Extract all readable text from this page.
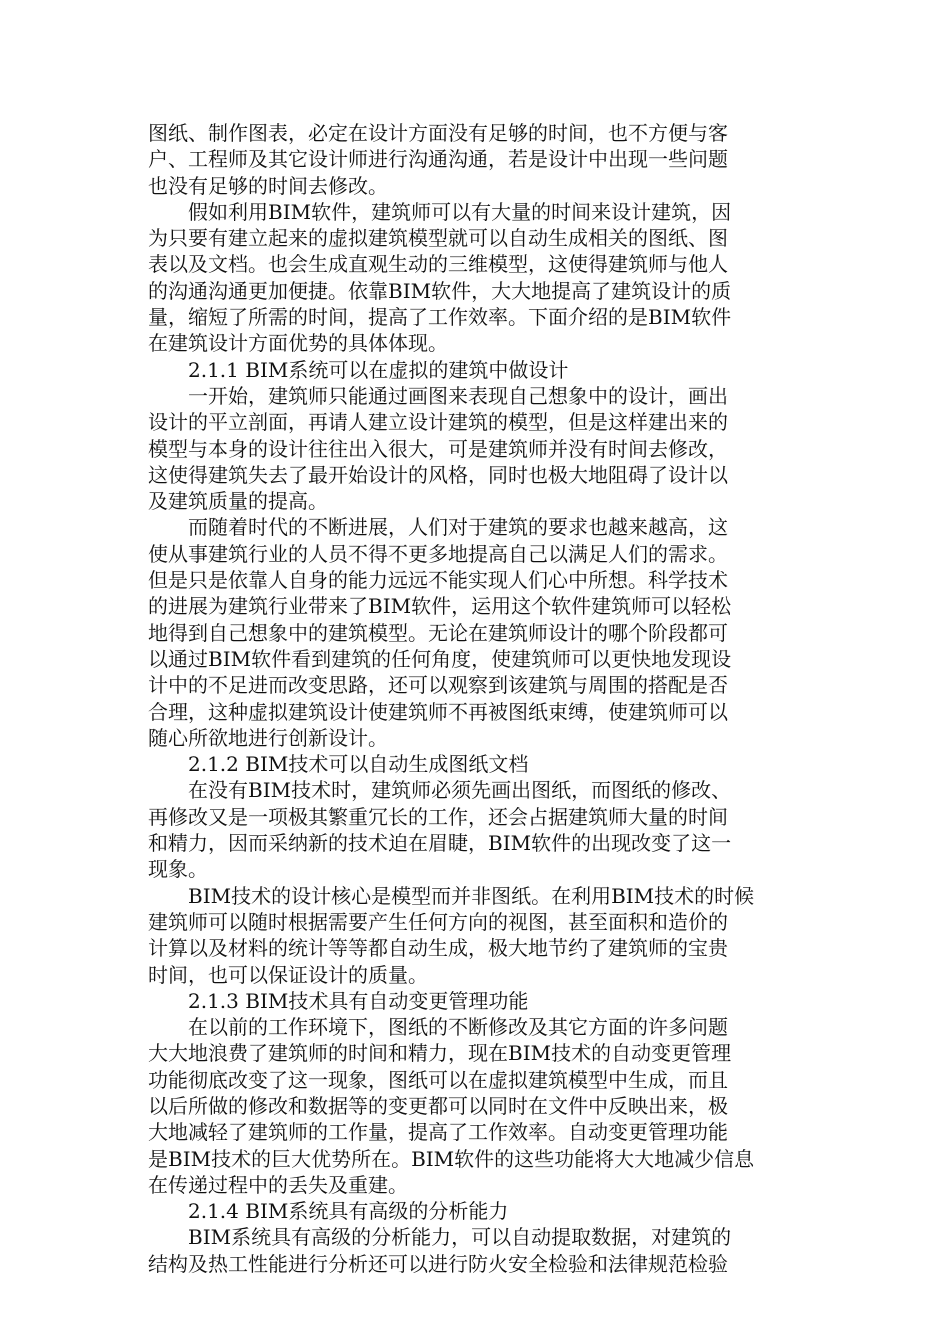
图纸、制作图表，必定在设计方面没有足够的时间，也不方便与客
户、工程师及其它设计师进行沟通沟通，若是设计中出现一些问题
也没有足够的时间去修改。
假如利用BIM软件，建筑师可以有大量的时间来设计建筑，因
为只要有建立起来的虚拟建筑模型就可以自动生成相关的图纸、图
表以及文档。也会生成直观生动的三维模型，这使得建筑师与他人
的沟通沟通更加便捷。依靠BIM软件，大大地提高了建筑设计的质
量，缩短了所需的时间，提高了工作效率。下面介绍的是BIM软件
在建筑设计方面优势的具体体现。
2.1.1 BIM系统可以在虚拟的建筑中做设计
一开始，建筑师只能通过画图来表现自己想象中的设计，画出
设计的平立剖面，再请人建立设计建筑的模型，但是这样建出来的
模型与本身的设计往往出入很大，可是建筑师并没有时间去修改，
这使得建筑失去了最开始设计的风格，同时也极大地阻碍了设计以
及建筑质量的提高。
而随着时代的不断进展，人们对于建筑的要求也越来越高，这
使从事建筑行业的人员不得不更多地提高自己以满足人们的需求。
但是只是依靠人自身的能力远远不能实现人们心中所想。科学技术
的进展为建筑行业带来了BIM软件，运用这个软件建筑师可以轻松
地得到自己想象中的建筑模型。无论在建筑师设计的哪个阶段都可
以通过BIM软件看到建筑的任何角度，使建筑师可以更快地发现设
计中的不足进而改变思路，还可以观察到该建筑与周围的搭配是否
合理，这种虚拟建筑设计使建筑师不再被图纸束缚，使建筑师可以
随心所欲地进行创新设计。
2.1.2 BIM技术可以自动生成图纸文档
在没有BIM技术时，建筑师必须先画出图纸，而图纸的修改、
再修改又是一项极其繁重冗长的工作，还会占据建筑师大量的时间
和精力，因而采纳新的技术迫在眉睫，BIM软件的出现改变了这一
现象。
BIM技术的设计核心是模型而并非图纸。在利用BIM技术的时候
建筑师可以随时根据需要产生任何方向的视图，甚至面积和造价的
计算以及材料的统计等等都自动生成，极大地节约了建筑师的宝贵
时间，也可以保证设计的质量。
2.1.3 BIM技术具有自动变更管理功能
在以前的工作环境下，图纸的不断修改及其它方面的许多问题
大大地浪费了建筑师的时间和精力，现在BIM技术的自动变更管理
功能彻底改变了这一现象，图纸可以在虚拟建筑模型中生成，而且
以后所做的修改和数据等的变更都可以同时在文件中反映出来，极
大地减轻了建筑师的工作量，提高了工作效率。自动变更管理功能
是BIM技术的巨大优势所在。BIM软件的这些功能将大大地减少信息
在传递过程中的丢失及重建。
2.1.4 BIM系统具有高级的分析能力
BIM系统具有高级的分析能力，可以自动提取数据，对建筑的
结构及热工性能进行分析还可以进行防火安全检验和法律规范检验
